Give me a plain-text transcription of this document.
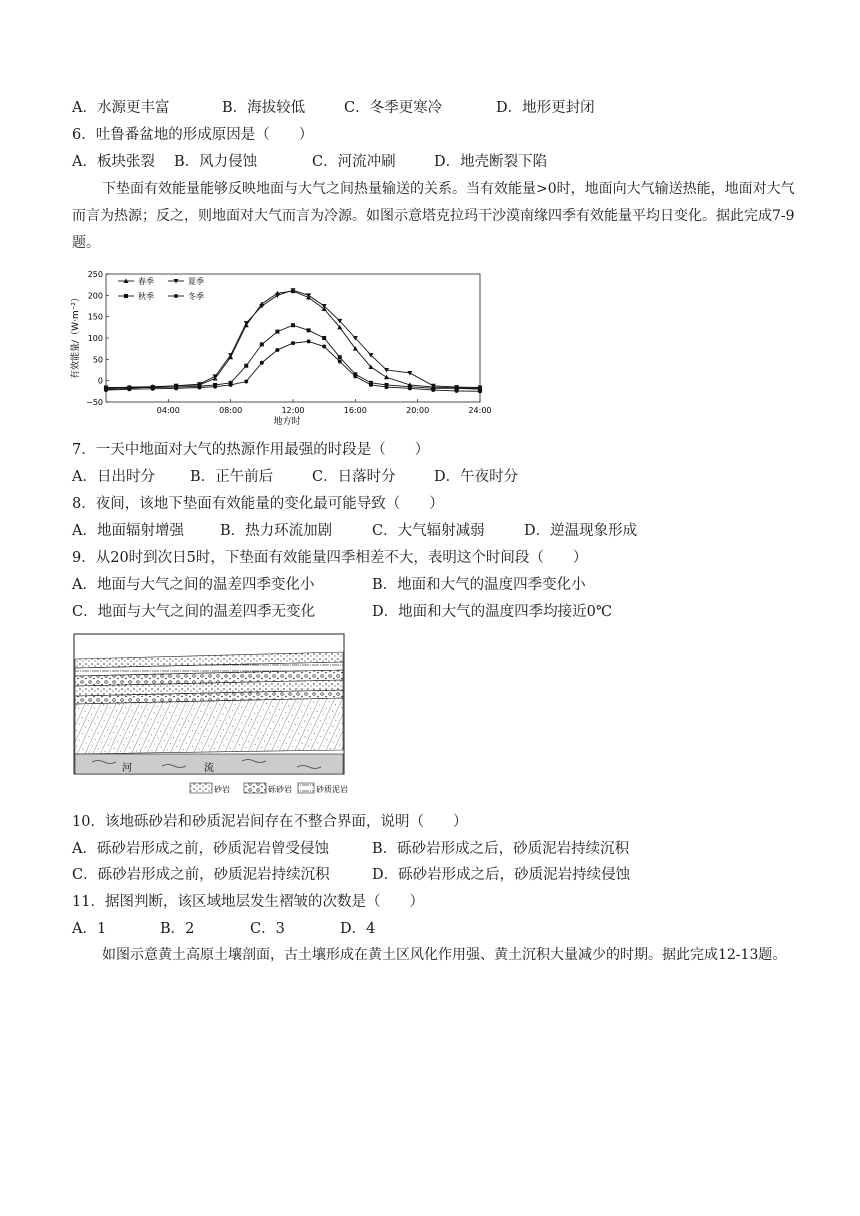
A．水源更丰富	B．海拔较低	C．冬季更寒冷	D．地形更封闭
6．吐鲁番盆地的形成原因是（　　）
A．板块张裂 B．风力侵蚀	C．河流冲刷	D．地壳断裂下陷
下垫面有效能量能够反映地面与大气之间热量输送的关系。当有效能量>0时，地面向大气输送热能，地面对大气而言为热源；反之，则地面对大气而言为冷源。如图示意塔克拉玛干沙漠南缘四季有效能量平均日变化。据此完成7-9题。
有效能量/（W·m⁻²）
地方时
250
200
150
100
50
0
−50
04:00	08:00	12:00	16:00	20:00	24:00
春季	夏季
秋季	冬季
7．一天中地面对大气的热源作用最强的时段是（　　）
A．日出时分 B．正午前后	C．日落时分	D．午夜时分
8．夜间，该地下垫面有效能量的变化最可能导致（　　）
A．地面辐射增强 B．热力环流加剧	C．大气辐射减弱	D．逆温现象形成
9．从20时到次日5时，下垫面有效能量四季相差不大，表明这个时间段（　　）
A．地面与大气之间的温差四季变化小	B．地面和大气的温度四季变化小
C．地面与大气之间的温差四季无变化	D．地面和大气的温度四季均接近0℃
河	流
砂岩	砾砂岩	砂质泥岩
10．该地砾砂岩和砂质泥岩间存在不整合界面，说明（　　）
A．砾砂岩形成之前，砂质泥岩曾受侵蚀	B．砾砂岩形成之后，砂质泥岩持续沉积
C．砾砂岩形成之前，砂质泥岩持续沉积	D．砾砂岩形成之后，砂质泥岩持续侵蚀
11．据图判断，该区域地层发生褶皱的次数是（　　）
A．1	B．2	C．3	D．4
如图示意黄土高原土壤剖面，古土壤形成在黄土区风化作用强、黄土沉积大量减少的时期。据此完成12-13题。
